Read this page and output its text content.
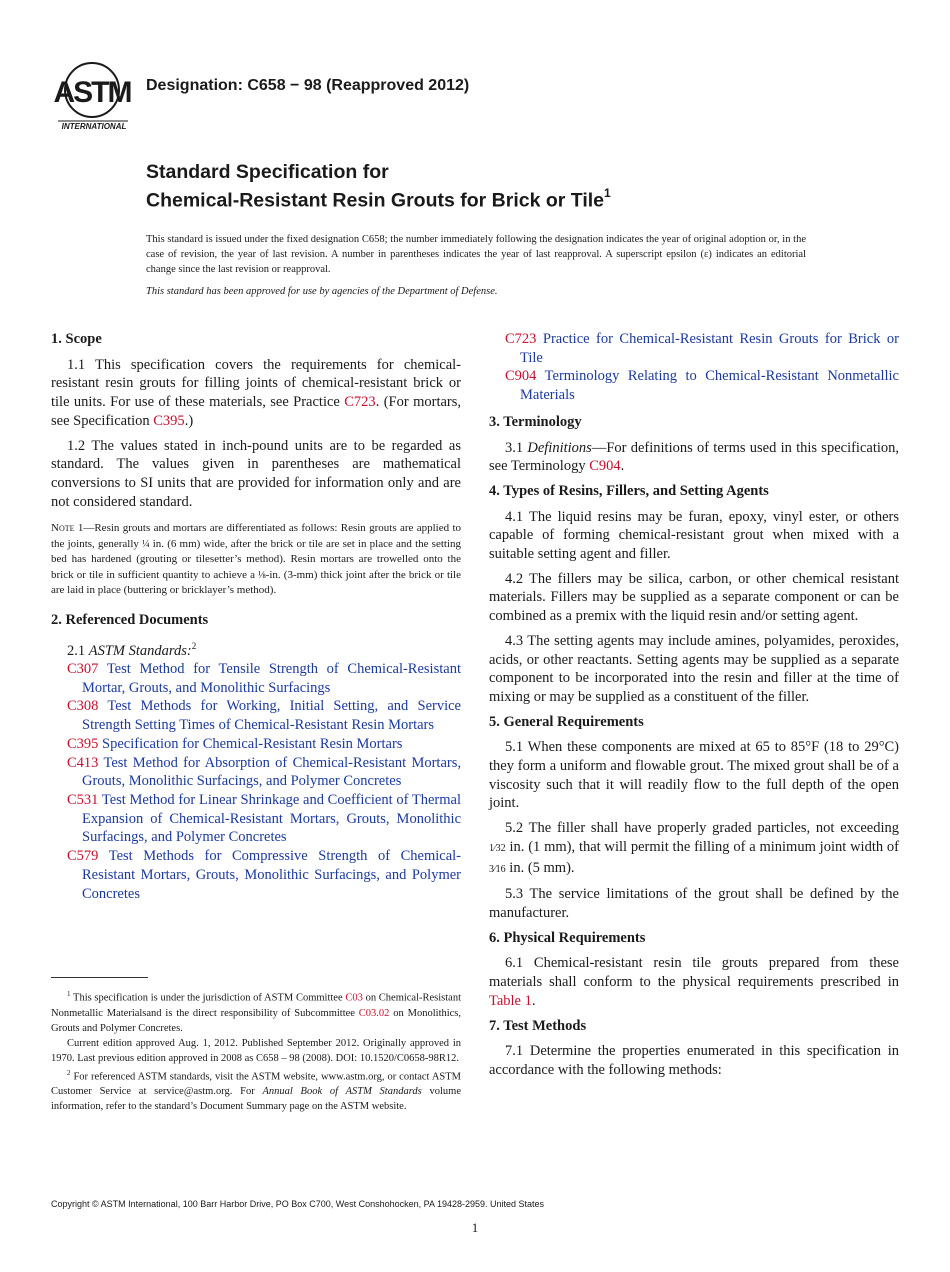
ASTM
INTERNATIONAL
Designation: C658 − 98 (Reapproved 2012)
Standard Specification for
Chemical-Resistant Resin Grouts for Brick or Tile$^1$
This standard is issued under the fixed designation C658; the number immediately following the designation indicates the year of original adoption or, in the case of revision, the year of last revision. A number in parentheses indicates the year of last reapproval. A superscript epsilon (ε) indicates an editorial change since the last revision or reapproval.
This standard has been approved for use by agencies of the Department of Defense.
1. Scope

1.1 This specification covers the requirements for chemical-resistant resin grouts for filling joints of chemical-resistant brick or tile units. For use of these materials, see Practice C723. (For mortars, see Specification C395.)

1.2 The values stated in inch-pound units are to be regarded as standard. The values given in parentheses are mathematical conversions to SI units that are provided for information only and are not considered standard.

Note 1—Resin grouts and mortars are differentiated as follows: Resin grouts are applied to the joints, generally ¼ in. (6 mm) wide, after the brick or tile are set in place and the setting bed has hardened (grouting or tilesetter’s method). Resin mortars are trowelled onto the brick or tile in sufficient quantity to achieve a ⅛-in. (3-mm) thick joint after the brick or tile are laid in place (buttering or bricklayer’s method).
2. Referenced Documents

2.1 ASTM Standards:$^2$

C307 Test Method for Tensile Strength of Chemical-Resistant Mortar, Grouts, and Monolithic Surfacings
C308 Test Methods for Working, Initial Setting, and Service Strength Setting Times of Chemical-Resistant Resin Mortars
C395 Specification for Chemical-Resistant Resin Mortars
C413 Test Method for Absorption of Chemical-Resistant Mortars, Grouts, Monolithic Surfacings, and Polymer Concretes
C531 Test Method for Linear Shrinkage and Coefficient of Thermal Expansion of Chemical-Resistant Mortars, Grouts, Monolithic Surfacings, and Polymer Concretes
C579 Test Methods for Compressive Strength of Chemical-Resistant Mortars, Grouts, Monolithic Surfacings, and Polymer Concretes

$^1$ This specification is under the jurisdiction of ASTM Committee C03 on Chemical-Resistant Nonmetallic Materialsand is the direct responsibility of Subcommittee C03.02 on Monolithics, Grouts and Polymer Concretes.

Current edition approved Aug. 1, 2012. Published September 2012. Originally approved in 1970. Last previous edition approved in 2008 as C658 – 98 (2008). DOI: 10.1520/C0658-98R12.

$^2$ For referenced ASTM standards, visit the ASTM website, www.astm.org, or contact ASTM Customer Service at service@astm.org. For Annual Book of ASTM Standards volume information, refer to the standard’s Document Summary page on the ASTM website.

C723 Practice for Chemical-Resistant Resin Grouts for Brick or Tile
C904 Terminology Relating to Chemical-Resistant Nonmetallic Materials
3. Terminology

3.1 Definitions—For definitions of terms used in this specification, see Terminology C904.

4. Types of Resins, Fillers, and Setting Agents

4.1 The liquid resins may be furan, epoxy, vinyl ester, or others capable of forming chemical-resistant grout when mixed with a suitable setting agent and filler.

4.2 The fillers may be silica, carbon, or other chemical resistant materials. Fillers may be supplied as a separate component or can be combined as a premix with the liquid resin and/or setting agent.

4.3 The setting agents may include amines, polyamides, peroxides, acids, or other reactants. Setting agents may be supplied as a separate component to be incorporated into the resin and filler at the time of mixing or may be supplied as a constituent of the filler.

5. General Requirements

5.1 When these components are mixed at 65 to 85°F (18 to 29°C) they form a uniform and flowable grout. The mixed grout shall be of a viscosity such that it will readily flow to the full depth of the open joint.

5.2 The filler shall have properly graded particles, not exceeding 1⁄32 in. (1 mm), that will permit the filling of a minimum joint width of 3⁄16 in. (5 mm).

5.3 The service limitations of the grout shall be defined by the manufacturer.

6. Physical Requirements

6.1 Chemical-resistant resin tile grouts prepared from these materials shall conform to the physical requirements prescribed in Table 1.

7. Test Methods

7.1 Determine the properties enumerated in this specification in accordance with the following methods:

Copyright © ASTM International, 100 Barr Harbor Drive, PO Box C700, West Conshohocken, PA 19428-2959. United States
1
